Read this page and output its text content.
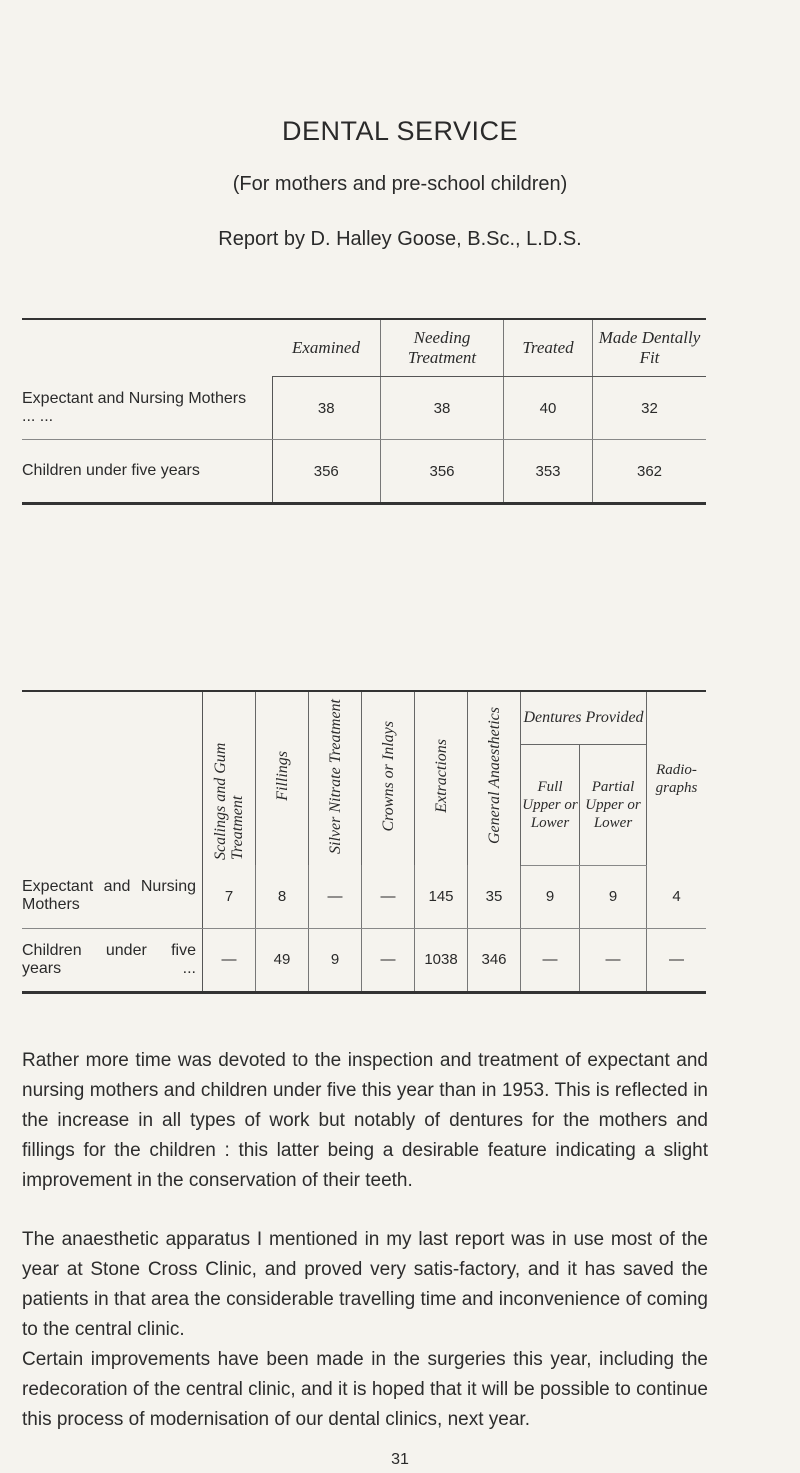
DENTAL SERVICE
(For mothers and pre-school children)
Report by D. Halley Goose, B.Sc., L.D.S.
	Examined	Needing Treatment	Treated	Made Dentally Fit
Expectant and Nursing Mothers ... ...	38	38	40	32
Children under five years	356	356	353	362
	Scalings and Gum Treatment	Fillings	Silver Nitrate Treatment	Crowns or Inlays	Extractions	General Anaesthetics	Dentures Provided		Radio-graphs
							Full Upper or Lower	Partial Upper or Lower	
Expectant and Nursing Mothers	7	8	—	—	145	35	9	9	4
Children under five years ...	—	49	9	—	1038	346	—	—	—

Rather more time was devoted to the inspection and treatment of expectant and nursing mothers and children under five this year than in 1953. This is reflected in the increase in all types of work but notably of dentures for the mothers and fillings for the children : this latter being a desirable feature indicating a slight improvement in the conservation of their teeth.

The anaesthetic apparatus I mentioned in my last report was in use most of the year at Stone Cross Clinic, and proved very satis-factory, and it has saved the patients in that area the considerable travelling time and inconvenience of coming to the central clinic.

Certain improvements have been made in the surgeries this year, including the redecoration of the central clinic, and it is hoped that it will be possible to continue this process of modernisation of our dental clinics, next year.

31
